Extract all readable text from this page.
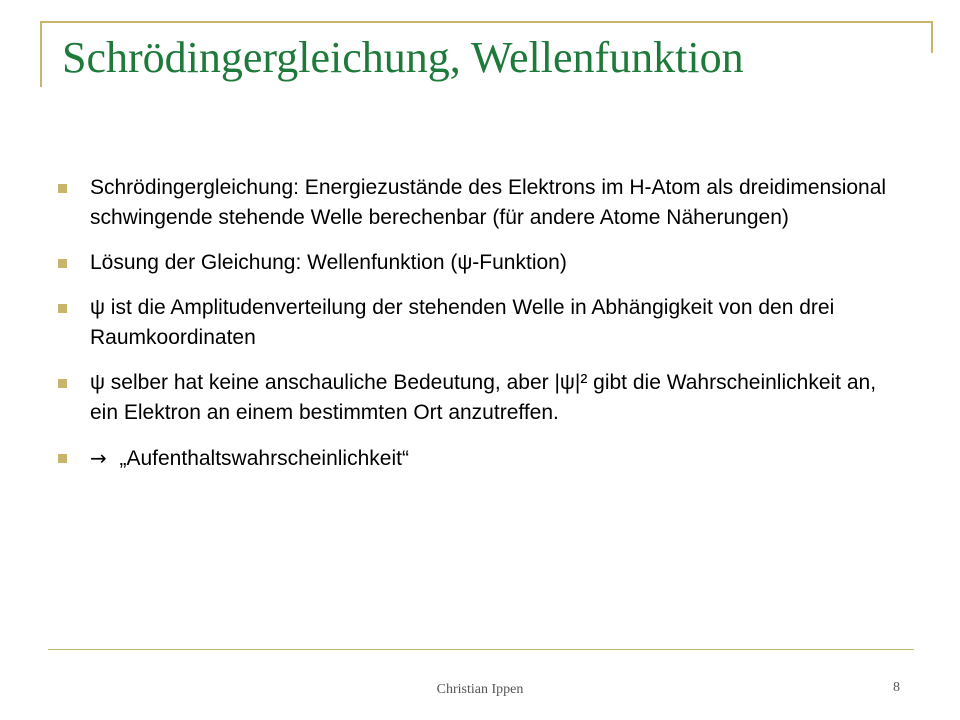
Schrödingergleichung, Wellenfunktion
Schrödingergleichung: Energiezustände des Elektrons im H-Atom als dreidimensional schwingende stehende Welle berechenbar (für andere Atome Näherungen)
Lösung der Gleichung: Wellenfunktion (ψ-Funktion)
ψ ist die Amplitudenverteilung der stehenden Welle in Abhängigkeit von den drei Raumkoordinaten
ψ selber hat keine anschauliche Bedeutung, aber |ψ|² gibt die Wahrscheinlichkeit an, ein Elektron an einem bestimmten Ort anzutreffen.
→  „Aufenthaltswahrscheinlichkeit“
Christian Ippen	8
